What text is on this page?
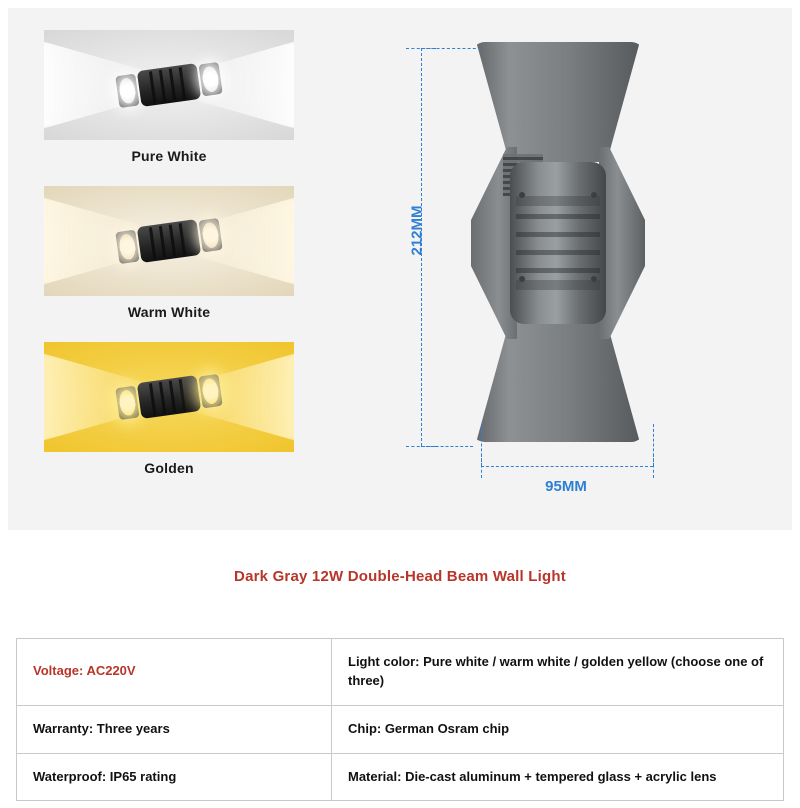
Pure White
Warm White
Golden
212MM
95MM
Dark Gray 12W Double-Head Beam Wall Light
Voltage: AC220V	Light color: Pure white / warm white / golden yellow (choose one of three)
Warranty: Three years	Chip: German Osram chip
Waterproof: IP65 rating	Material: Die-cast aluminum + tempered glass + acrylic lens
